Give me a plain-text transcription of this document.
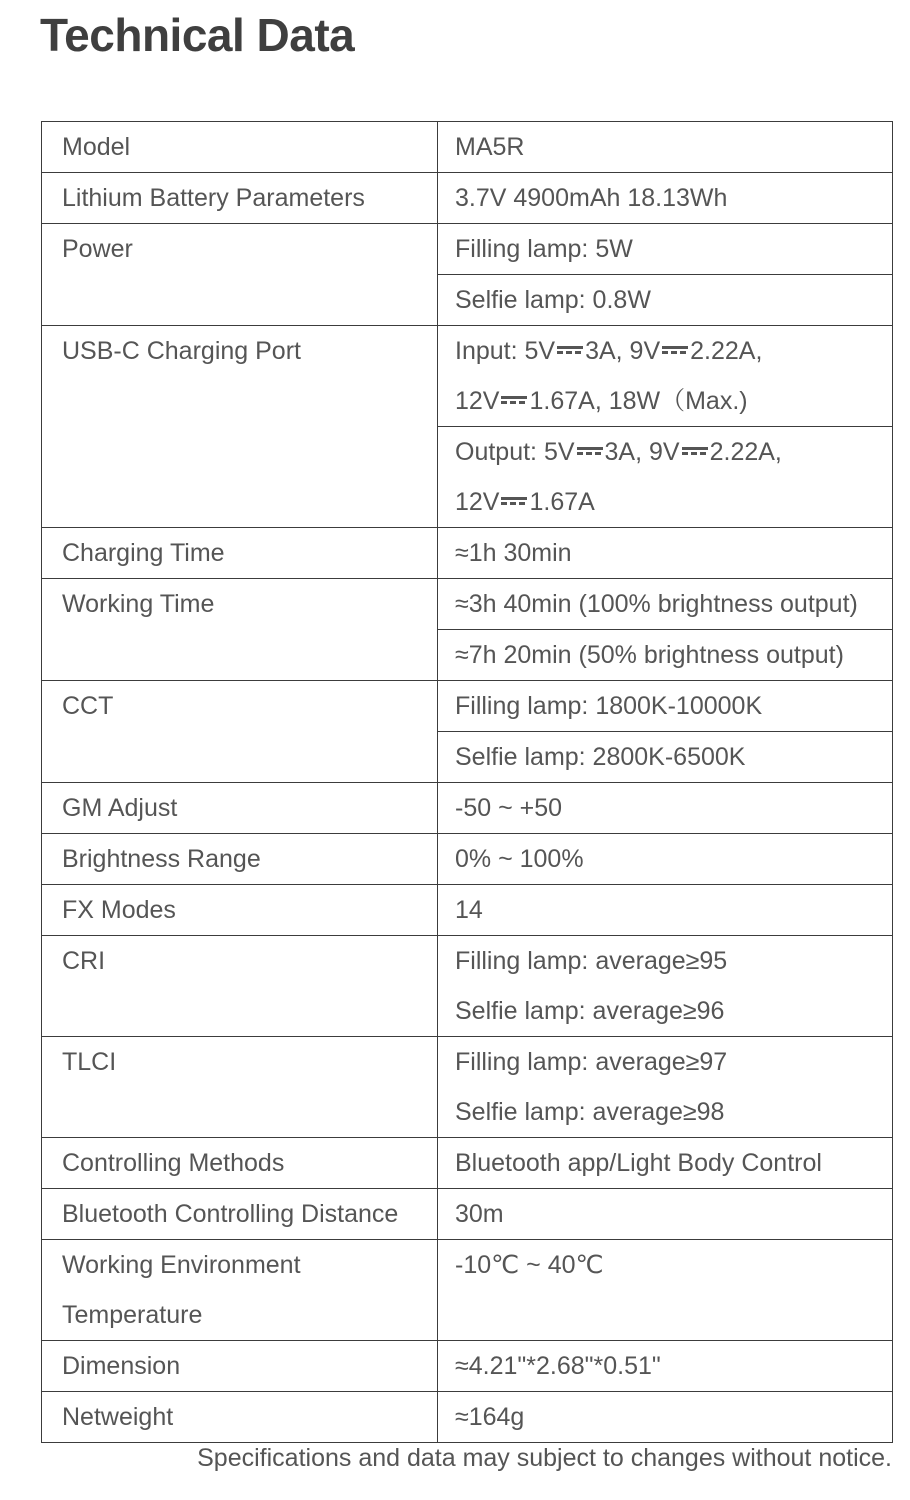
Technical Data
Model	MA5R
Lithium Battery Parameters	3.7V 4900mAh 18.13Wh
Power	Filling lamp: 5W
	Selfie lamp: 0.8W
USB-C Charging Port	Input: 5V 3A, 9V 2.22A,
12V 1.67A, 18W（Max.)

	Output: 5V 3A, 9V 2.22A,
12V 1.67A

Charging Time	≈1h 30min
Working Time	≈3h 40min (100% brightness output)
	≈7h 20min (50% brightness output)
CCT	Filling lamp: 1800K-10000K
	Selfie lamp: 2800K-6500K
GM Adjust	-50 ~ +50
Brightness Range	0% ~ 100%
FX Modes	14
CRI	Filling lamp: average≥95
Selfie lamp: average≥96

TLCI	Filling lamp: average≥97
Selfie lamp: average≥98

Controlling Methods	Bluetooth app/Light Body Control
Bluetooth Controlling Distance	30m

Working Environment
Temperature	-10℃ ~ 40℃
Dimension	≈4.21"*2.68"*0.51"
Netweight	≈164g
Specifications and data may subject to changes without notice.
